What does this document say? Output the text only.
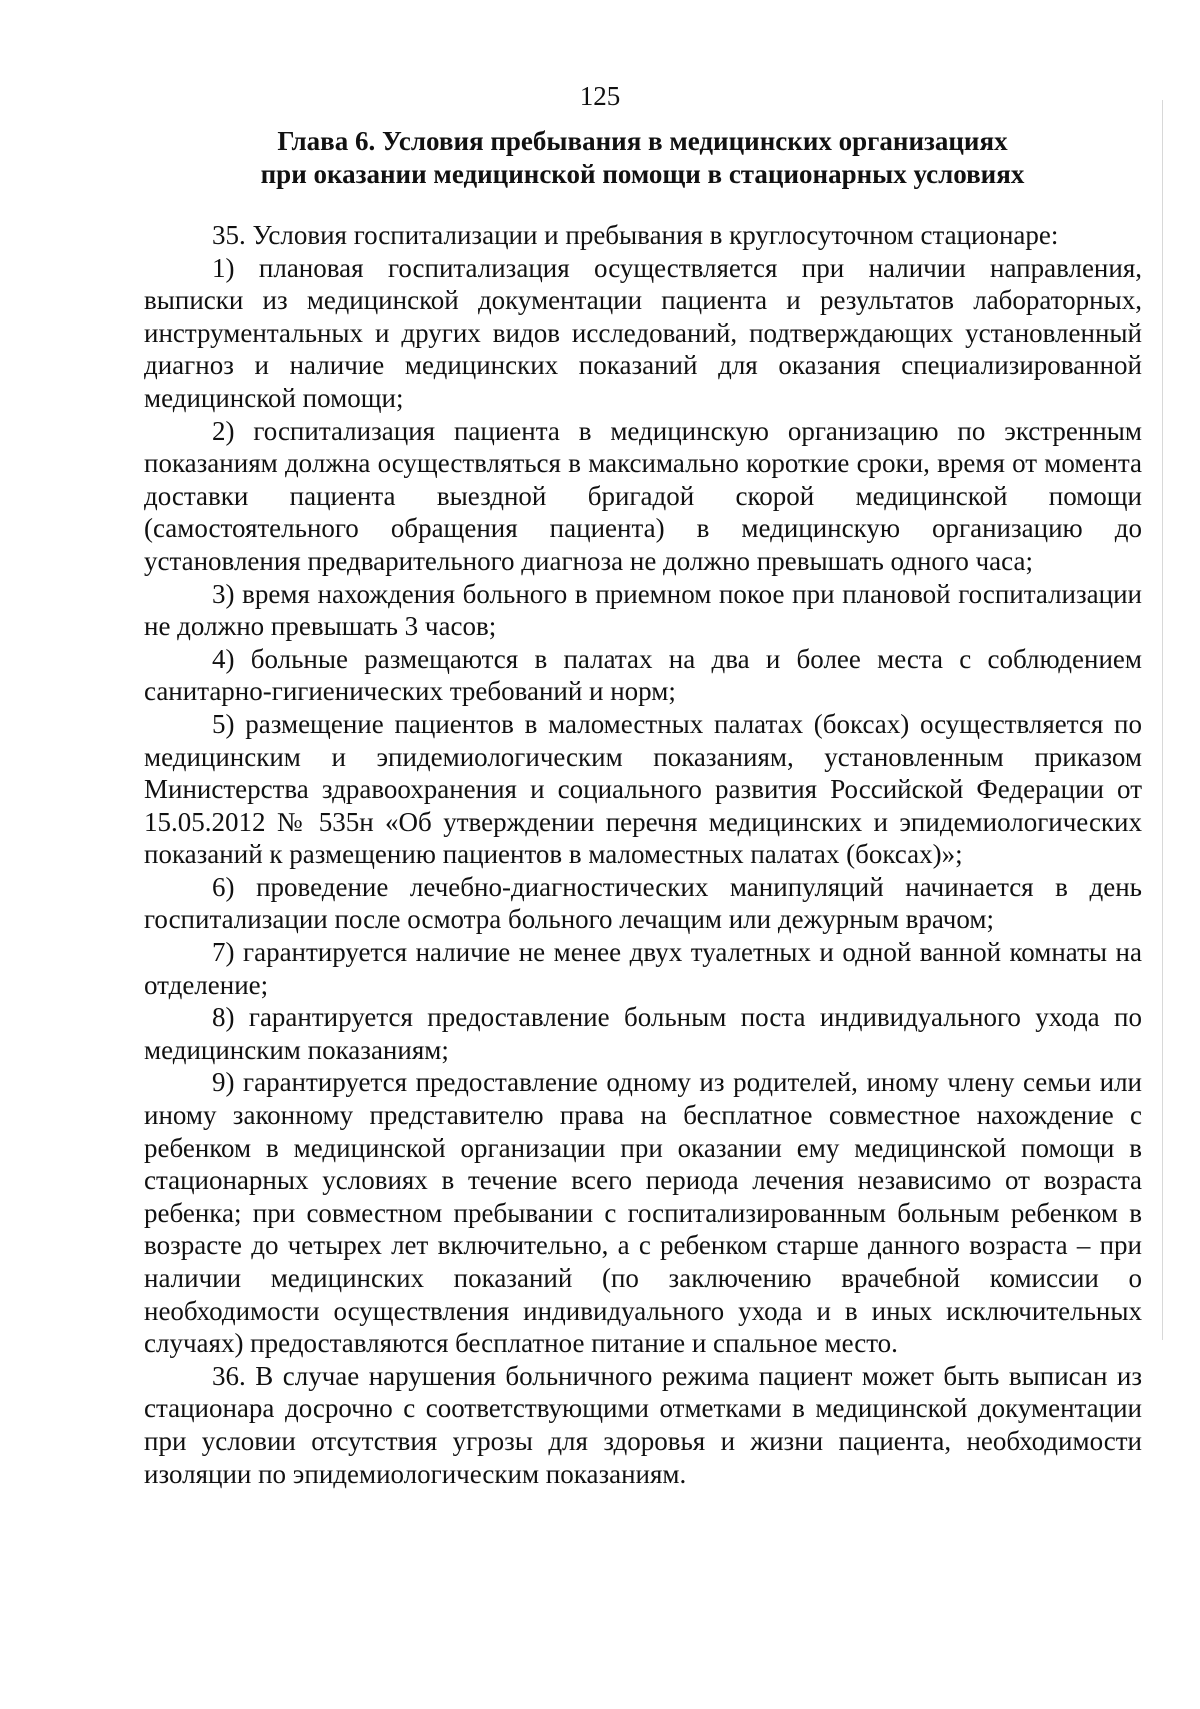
125
Глава 6. Условия пребывания в медицинских организациях
при оказании медицинской помощи в стационарных условиях

35. Условия госпитализации и пребывания в круглосуточном стационаре:

1) плановая госпитализация осуществляется при наличии направления, выписки из медицинской документации пациента и результатов лабораторных, инструментальных и других видов исследований, подтверждающих установленный диагноз и наличие медицинских показаний для оказания специализированной медицинской помощи;

2) госпитализация пациента в медицинскую организацию по экстренным показаниям должна осуществляться в максимально короткие сроки, время от момента доставки пациента выездной бригадой скорой медицинской помощи (самостоятельного обращения пациента) в медицинскую организацию до установления предварительного диагноза не должно превышать одного часа;

3) время нахождения больного в приемном покое при плановой госпитализации не должно превышать 3 часов;

4) больные размещаются в палатах на два и более места с соблюдением санитарно-гигиенических требований и норм;

5) размещение пациентов в маломестных палатах (боксах) осуществляется по медицинским и эпидемиологическим показаниям, установленным приказом Министерства здравоохранения и социального развития Российской Федерации от 15.05.2012 № 535н «Об утверждении перечня медицинских и эпидемиологических показаний к размещению пациентов в маломестных палатах (боксах)»;

6) проведение лечебно-диагностических манипуляций начинается в день госпитализации после осмотра больного лечащим или дежурным врачом;

7) гарантируется наличие не менее двух туалетных и одной ванной комнаты на отделение;

8) гарантируется предоставление больным поста индивидуального ухода по медицинским показаниям;

9) гарантируется предоставление одному из родителей, иному члену семьи или иному законному представителю права на бесплатное совместное нахождение с ребенком в медицинской организации при оказании ему медицинской помощи в стационарных условиях в течение всего периода лечения независимо от возраста ребенка; при совместном пребывании с госпитализированным больным ребенком в возрасте до четырех лет включительно, а с ребенком старше данного возраста – при наличии медицинских показаний (по заключению врачебной комиссии о необходимости осуществления индивидуального ухода и в иных исключительных случаях) предоставляются бесплатное питание и спальное место.

36. В случае нарушения больничного режима пациент может быть выписан из стационара досрочно с соответствующими отметками в медицинской документации при условии отсутствия угрозы для здоровья и жизни пациента, необходимости изоляции по эпидемиологическим показаниям.
